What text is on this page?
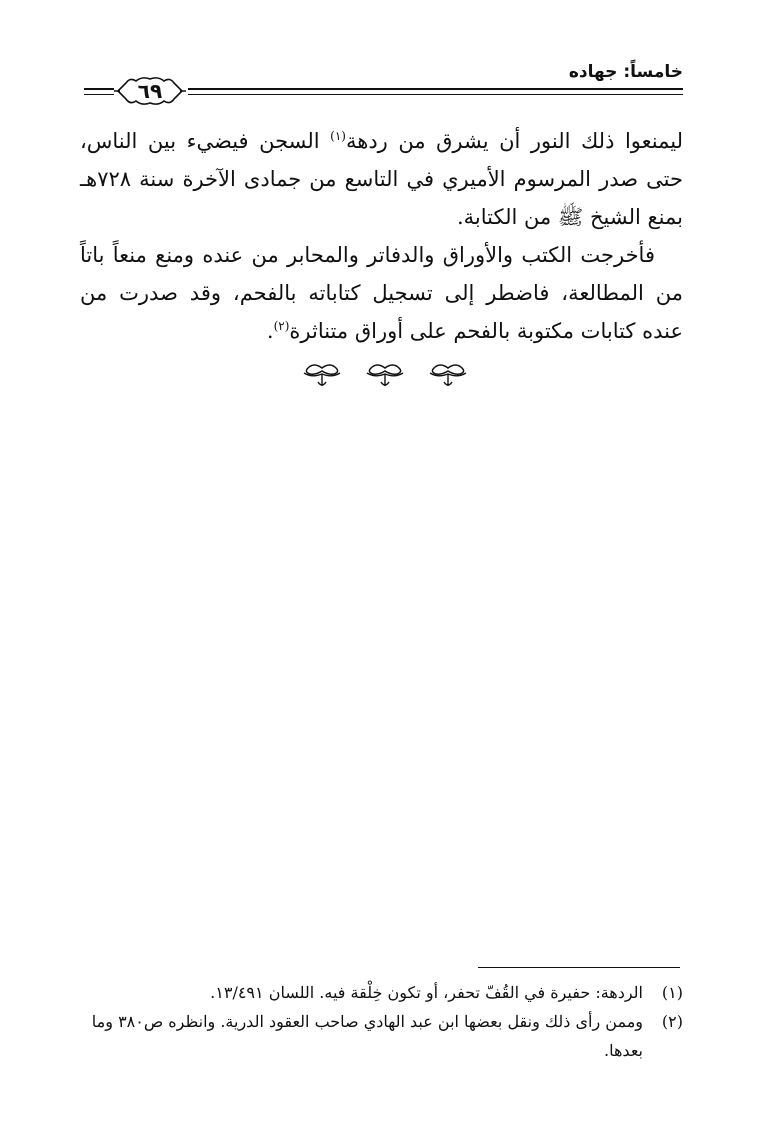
خامساً: جهاده
٦٩

ليمنعوا ذلك النور أن يشرق من ردهة$^{(١)}$ السجن فيضيء بين الناس، حتى صدر المرسوم الأميري في التاسع من جمادى الآخرة سنة ٧٢٨هـ بمنع الشيخ ﷺ من الكتابة.

فأخرجت الكتب والأوراق والدفاتر والمحابر من عنده ومنع منعاً باتاً من المطالعة، فاضطر إلى تسجيل كتاباته بالفحم، وقد صدرت من عنده كتابات مكتوبة بالفحم على أوراق متناثرة$^{(٢)}$.

(١)
الردهة: حفيرة في القُفّ تحفر، أو تكون خِلْقة فيه. اللسان ١٣/٤٩١.
(٢)
وممن رأى ذلك ونقل بعضها ابن عبد الهادي صاحب العقود الدرية. وانظره ص٣٨٠ وما بعدها.
